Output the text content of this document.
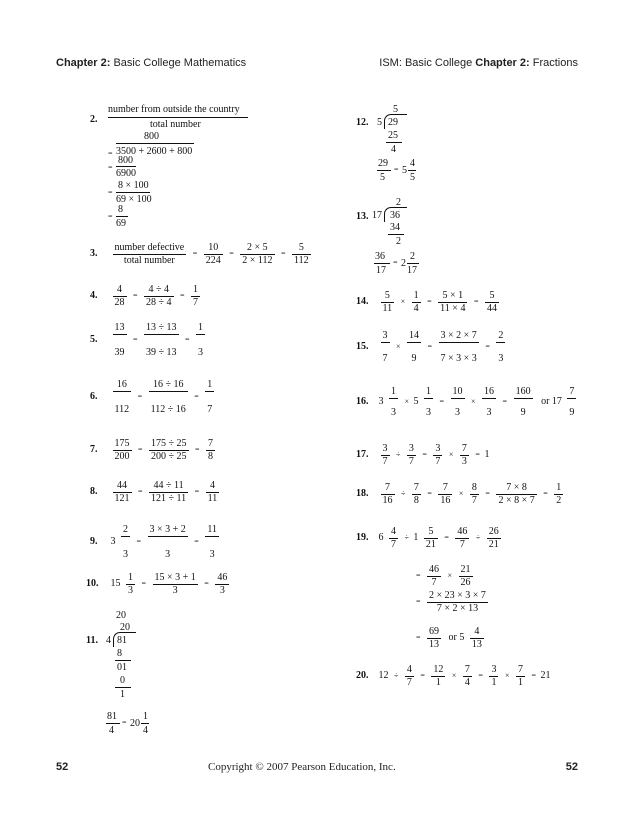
Chapter 2: Basic College Mathematics	ISM: Basic College Chapter 2: Fractions
2.
number from outside the country
total number
=
800
3500 + 2600 + 800
=
800
6900
=
8 × 100
69 × 100
=
8
69
3. $\frac{\text{number defective}}{\text{total number}} = \frac{10}{224} = \frac{2 \times 5}{2 \times 112} = \frac{5}{112}$
4. $\frac{4}{28} = \frac{4 \div 4}{28 \div 4} = \frac{1}{7}$
5. $\frac{13}{39} = \frac{13 \div 13}{39 \div 13} = \frac{1}{3}$
6. $\frac{16}{112} = \frac{16 \div 16}{112 \div 16} = \frac{1}{7}$
7. $\frac{175}{200} = \frac{175 \div 25}{200 \div 25} = \frac{7}{8}$
8. $\frac{44}{121} = \frac{44 \div 11}{121 \div 11} = \frac{4}{11}$
9. $3 \frac{2}{3} = \frac{3 \times 3 + 2}{3} = \frac{11}{3}$
10. $15 \frac{1}{3} = \frac{15 \times 3 + 1}{3} = \frac{46}{3}$
20
11.
20
4 81
8
01
0
1
81
4
= 20
1
4
12.
5
5 29
25
4
29
5
= 5
4
5
13.
2
17 36
34
2
36
17
= 2
2
17
14. $\frac{5}{11} \times \frac{1}{4} = \frac{5 \times 1}{11 \times 4} = \frac{5}{44}$
15. $\frac{3}{7} \times \frac{14}{9} = \frac{3 \times 2 \times 7}{7 \times 3 \times 3} = \frac{2}{3}$
16. $3 \frac{1}{3} \times 5 \frac{1}{3} = \frac{10}{3} \times \frac{16}{3} = \frac{160}{9}$ or $17 \frac{7}{9}$
17. $\frac{3}{7} \div \frac{3}{7} = \frac{3}{7} \times \frac{7}{3} = 1$
18. $\frac{7}{16} \div \frac{7}{8} = \frac{7}{16} \times \frac{8}{7} = \frac{7 \times 8}{2 \times 8 \times 7} = \frac{1}{2}$
19. $6 \frac{4}{7} \div 1 \frac{5}{21} = \frac{46}{7} \div \frac{26}{21}$
= $\frac{46}{7} \times \frac{21}{26}$
= $\frac{2 \times 23 \times 3 \times 7}{7 \times 2 \times 13}$
= $\frac{69}{13}$ or $5 \frac{4}{13}$
20. $12 \div \frac{4}{7} = \frac{12}{1} \times \frac{7}{4} = \frac{3}{1} \times \frac{7}{1} = 21$
52	Copyright © 2007 Pearson Education, Inc.	52
